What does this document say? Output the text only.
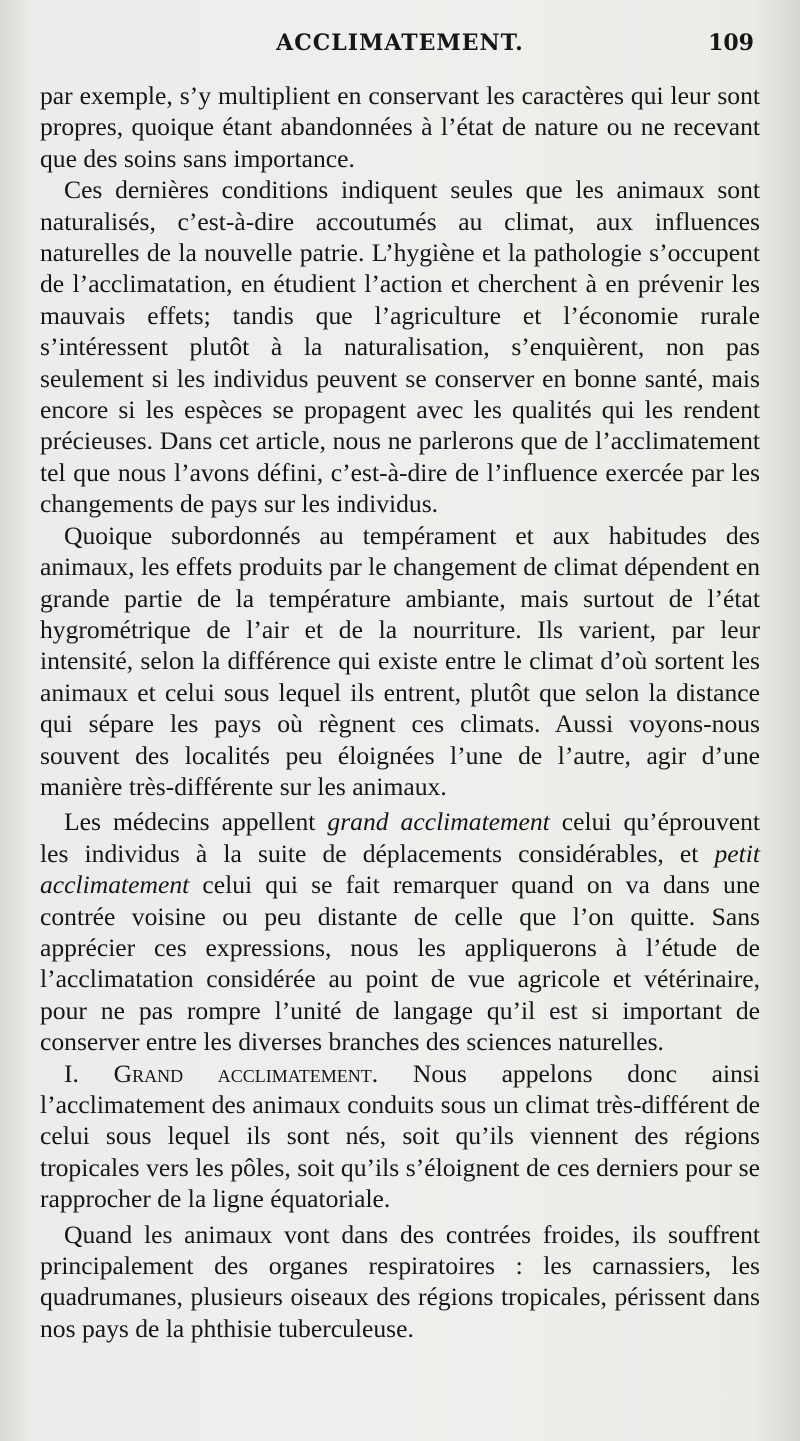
ACCLIMATEMENT.	109

par exemple, s’y multiplient en conservant les caractères qui leur sont propres, quoique étant abandonnées à l’état de nature ou ne recevant que des soins sans importance.

Ces dernières conditions indiquent seules que les animaux sont naturalisés, c’est-à-dire accoutumés au climat, aux influences naturelles de la nouvelle patrie. L’hygiène et la pathologie s’occupent de l’acclimatation, en étudient l’action et cherchent à en prévenir les mauvais effets; tandis que l’agriculture et l’économie rurale s’intéressent plutôt à la naturalisation, s’enquièrent, non pas seulement si les individus peuvent se conserver en bonne santé, mais encore si les espèces se propagent avec les qualités qui les rendent précieuses. Dans cet article, nous ne parlerons que de l’acclimatement tel que nous l’avons défini, c’est-à-dire de l’influence exercée par les changements de pays sur les individus.

Quoique subordonnés au tempérament et aux habitudes des animaux, les effets produits par le changement de climat dépendent en grande partie de la température ambiante, mais surtout de l’état hygrométrique de l’air et de la nourriture. Ils varient, par leur intensité, selon la différence qui existe entre le climat d’où sortent les animaux et celui sous lequel ils entrent, plutôt que selon la distance qui sépare les pays où règnent ces climats. Aussi voyons-nous souvent des localités peu éloignées l’une de l’autre, agir d’une manière très-différente sur les animaux.

Les médecins appellent grand acclimatement celui qu’éprouvent les individus à la suite de déplacements considérables, et petit acclimatement celui qui se fait remarquer quand on va dans une contrée voisine ou peu distante de celle que l’on quitte. Sans apprécier ces expressions, nous les appliquerons à l’étude de l’acclimatation considérée au point de vue agricole et vétérinaire, pour ne pas rompre l’unité de langage qu’il est si important de conserver entre les diverses branches des sciences naturelles.

I. Grand acclimatement. Nous appelons donc ainsi l’acclimatement des animaux conduits sous un climat très-différent de celui sous lequel ils sont nés, soit qu’ils viennent des régions tropicales vers les pôles, soit qu’ils s’éloignent de ces derniers pour se rapprocher de la ligne équatoriale.

Quand les animaux vont dans des contrées froides, ils souffrent principalement des organes respiratoires : les carnassiers, les quadrumanes, plusieurs oiseaux des régions tropicales, périssent dans nos pays de la phthisie tuberculeuse.
